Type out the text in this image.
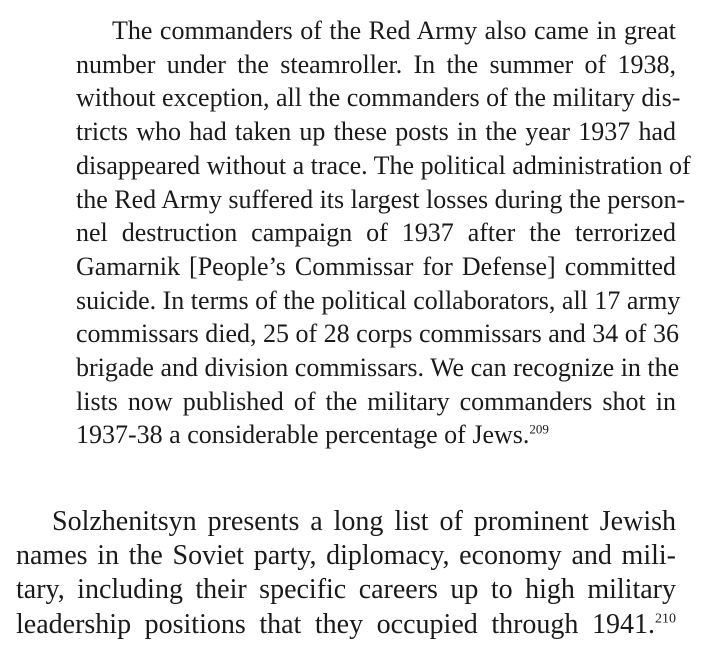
The commanders of the Red Army also came in great
number under the steamroller. In the summer of 1938,
without exception, all the commanders of the military dis-
tricts who had taken up these posts in the year 1937 had
disappeared without a trace. The political administration of
the Red Army suffered its largest losses during the person-
nel destruction campaign of 1937 after the terrorized
Gamarnik [People’s Commissar for Defense] committed
suicide. In terms of the political collaborators, all 17 army
commissars died, 25 of 28 corps commissars and 34 of 36
brigade and division commissars. We can recognize in the
lists now published of the military commanders shot in
1937-38 a considerable percentage of Jews.$^{209}$
Solzhenitsyn presents a long list of prominent Jewish
names in the Soviet party, diplomacy, economy and mili-
tary, including their specific careers up to high military
leadership positions that they occupied through 1941.$^{210}$
